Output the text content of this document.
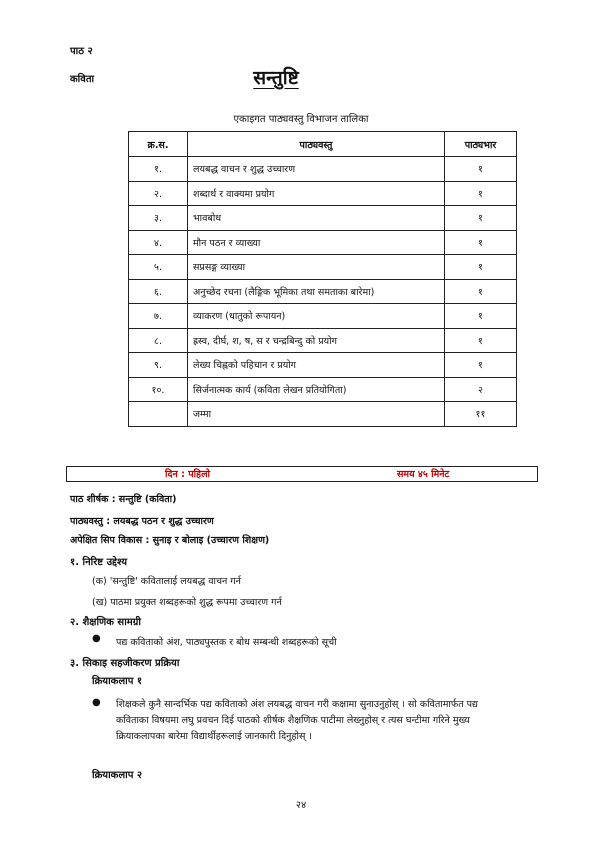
पाठ २
कविता	सन्तुष्टि
एकाइगत पाठ्यवस्तु विभाजन तालिका
क्र.स.	पाठ्यवस्तु	पाठ्यभार
१.	लयबद्ध वाचन र शुद्ध उच्चारण	१
२.	शब्दार्थ र वाक्यमा प्रयोग	१
३.	भावबोध	१
४.	मौन पठन र व्याख्या	१
५.	सप्रसङ्ग व्याख्या	१
६.	अनुच्छेद रचना (लैङ्गिक भूमिका तथा समताका बारेमा)	१
७.	व्याकरण (धातुको रूपायन)	१
८.	ह्रस्व, दीर्घ, श, ष, स र चन्द्रबिन्दु को प्रयोग	१
९.	लेख्य चिह्नको पहिचान र प्रयोग	१
१०.	सिर्जनात्मक कार्य (कविता लेखन प्रतियोगिता)	२
	जम्मा	११
दिन : पहिलो	समय ४५ मिनेट
पाठ शीर्षक : सन्तुष्टि (कविता)
पाठ्यवस्तु : लयबद्ध पठन र शुद्ध उच्चारण
अपेक्षित सिप विकास : सुनाइ र बोलाइ (उच्चारण शिक्षण)
१. निरिष्ट उद्देश्य
(क) 'सन्तुष्टि' कवितालाई लयबद्ध वाचन गर्न
(ख) पाठमा प्रयुक्त शब्दहरूको शुद्ध रूपमा उच्चारण गर्न
२. शैक्षणिक सामग्री
● पद्य कविताको अंश, पाठ्यपुस्तक र बोध सम्बन्धी शब्दहरूको सूची
३. सिकाइ सहजीकरण प्रक्रिया
क्रियाकलाप १
● शिक्षकले कुनै सान्दर्भिक पद्य कविताको अंश लयबद्ध वाचन गरी कक्षामा सुनाउनुहोस् । सो कवितामार्फत पद्य
कविताका विषयमा लघु प्रवचन दिई पाठको शीर्षक शैक्षणिक पाटीमा लेख्नुहोस् र त्यस घन्टीमा गरिने मुख्य
क्रियाकलापका बारेमा विद्यार्थीहरूलाई जानकारी दिनुहोस् ।
क्रियाकलाप २
२४
